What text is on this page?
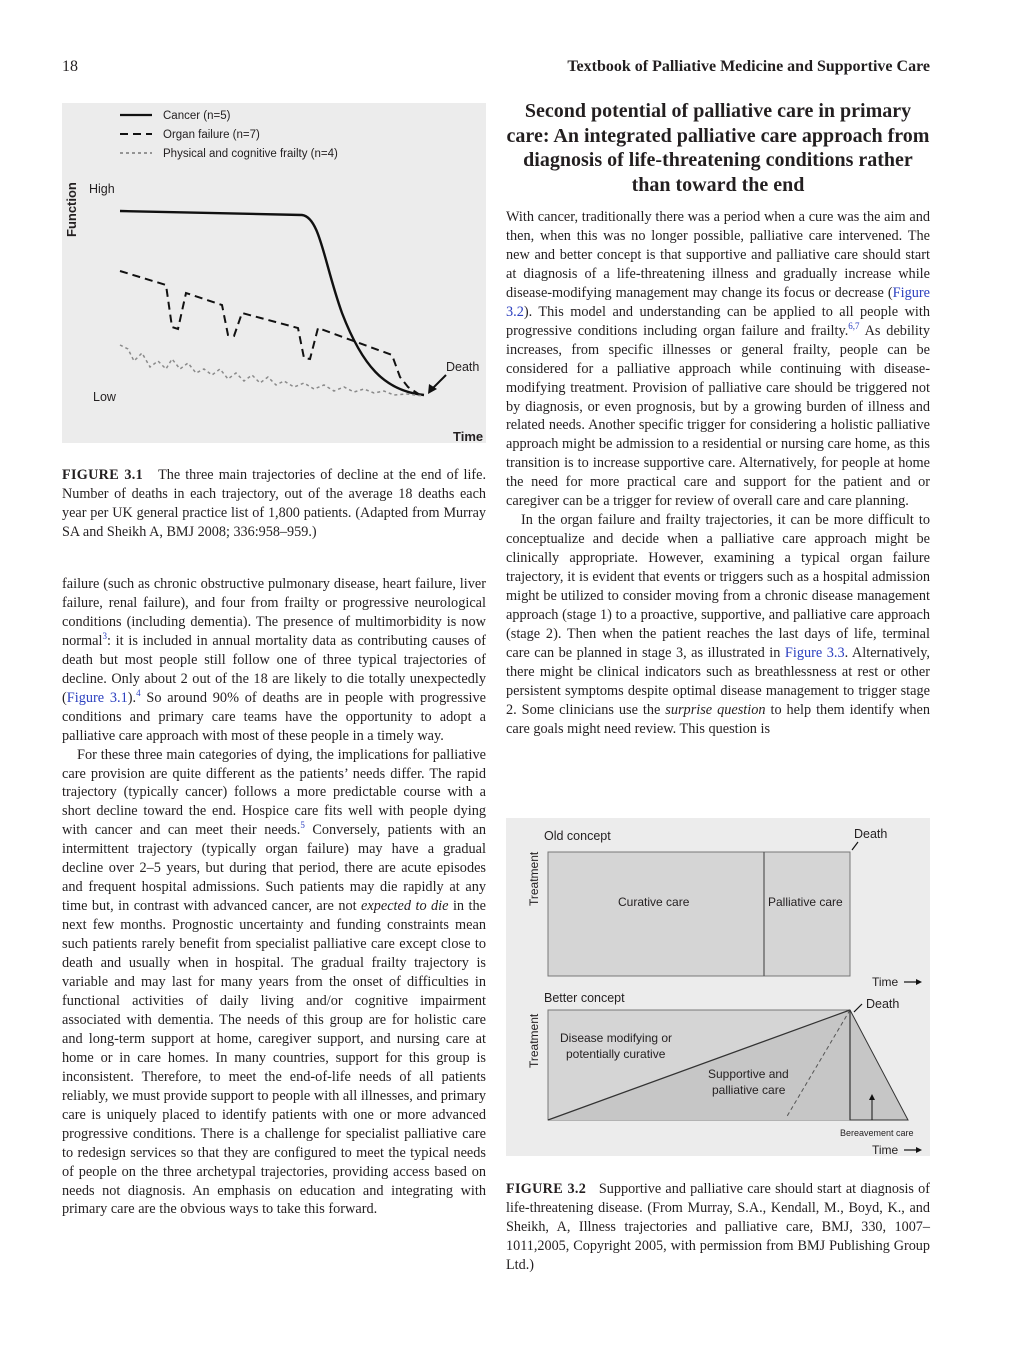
18	Textbook of Palliative Medicine and Supportive Care
Cancer (n=5)
Organ failure (n=7)
Physical and cognitive frailty (n=4)
Function High
Low
Time
Death
FIGURE 3.1 The three main trajectories of decline at the end of life. Number of deaths in each trajectory, out of the average 18 deaths each year per UK general practice list of 1,800 patients. (Adapted from Murray SA and Sheikh A, BMJ 2008; 336:958–959.)

failure (such as chronic obstructive pulmonary disease, heart failure, liver failure, renal failure), and four from frailty or progressive neurological conditions (including dementia). The presence of multimorbidity is now normal$^3$: it is included in annual mortality data as contributing causes of death but most people still follow one of three typical trajectories of decline. Only about 2 out of the 18 are likely to die totally unexpectedly (Figure 3.1).$^4$ So around 90% of deaths are in people with progressive conditions and primary care teams have the opportunity to adopt a palliative care approach with most of these people in a timely way.

For these three main categories of dying, the implications for palliative care provision are quite different as the patients’ needs differ. The rapid trajectory (typically cancer) follows a more predictable course with a short decline toward the end. Hospice care fits well with people dying with cancer and can meet their needs.$^5$ Conversely, patients with an intermittent trajectory (typically organ failure) may have a gradual decline over 2–5 years, but during that period, there are acute episodes and frequent hospital admissions. Such patients may die rapidly at any time but, in contrast with advanced cancer, are not expected to die in the next few months. Prognostic uncertainty and funding constraints mean such patients rarely benefit from specialist palliative care except close to death and usually when in hospital. The gradual frailty trajectory is variable and may last for many years from the onset of difficulties in functional activities of daily living and/or cognitive impairment associated with dementia. The needs of this group are for holistic care and long-term support at home, caregiver support, and nursing care at home or in care homes. In many countries, support for this group is inconsistent. Therefore, to meet the end-of-life needs of all patients reliably, we must provide support to people with all illnesses, and primary care is uniquely placed to identify patients with one or more advanced progressive conditions. There is a challenge for specialist palliative care to redesign services so that they are configured to meet the typical needs of people on the three archetypal trajectories, providing access based on needs not diagnosis. An emphasis on education and integrating with primary care are the obvious ways to take this forward.

Second potential of palliative care in primary care: An integrated palliative care approach from diagnosis of life-threatening conditions rather than toward the end

With cancer, traditionally there was a period when a cure was the aim and then, when this was no longer possible, palliative care intervened. The new and better concept is that supportive and palliative care should start at diagnosis of a life-threatening illness and gradually increase while disease-modifying management may change its focus or decrease (Figure 3.2). This model and understanding can be applied to all people with progressive conditions including organ failure and frailty.$^{6,7}$ As debility increases, from specific illnesses or general frailty, people can be considered for a palliative approach while continuing with disease-modifying treatment. Provision of palliative care should be triggered not by diagnosis, or even prognosis, but by a growing burden of illness and related needs. Another specific trigger for considering a holistic palliative approach might be admission to a residential or nursing care home, as this transition is to increase supportive care. Alternatively, for people at home the need for more practical care and support for the patient and or caregiver can be a trigger for review of overall care and care planning.

In the organ failure and frailty trajectories, it can be more difficult to conceptualize and decide when a palliative care approach might be clinically appropriate. However, examining a typical organ failure trajectory, it is evident that events or triggers such as a hospital admission might be utilized to consider moving from a chronic disease management approach (stage 1) to a proactive, supportive, and palliative care approach (stage 2). Then when the patient reaches the last days of life, terminal care can be planned in stage 3, as illustrated in Figure 3.3. Alternatively, there might be clinical indicators such as breathlessness at rest or other persistent symptoms despite optimal disease management to trigger stage 2. Some clinicians use the surprise question to help them identify when care goals might need review. This question is

Old concept	Death
Treatment	Curative care	Palliative care
Time
Better concept	Death
Treatment Disease modifying or
potentially curative
Supportive and
palliative care
Bereavement care
Time
FIGURE 3.2 Supportive and palliative care should start at diagnosis of life-threatening disease. (From Murray, S.A., Kendall, M., Boyd, K., and Sheikh, A, Illness trajectories and palliative care, BMJ, 330, 1007–1011,2005, Copyright 2005, with permission from BMJ Publishing Group Ltd.)
